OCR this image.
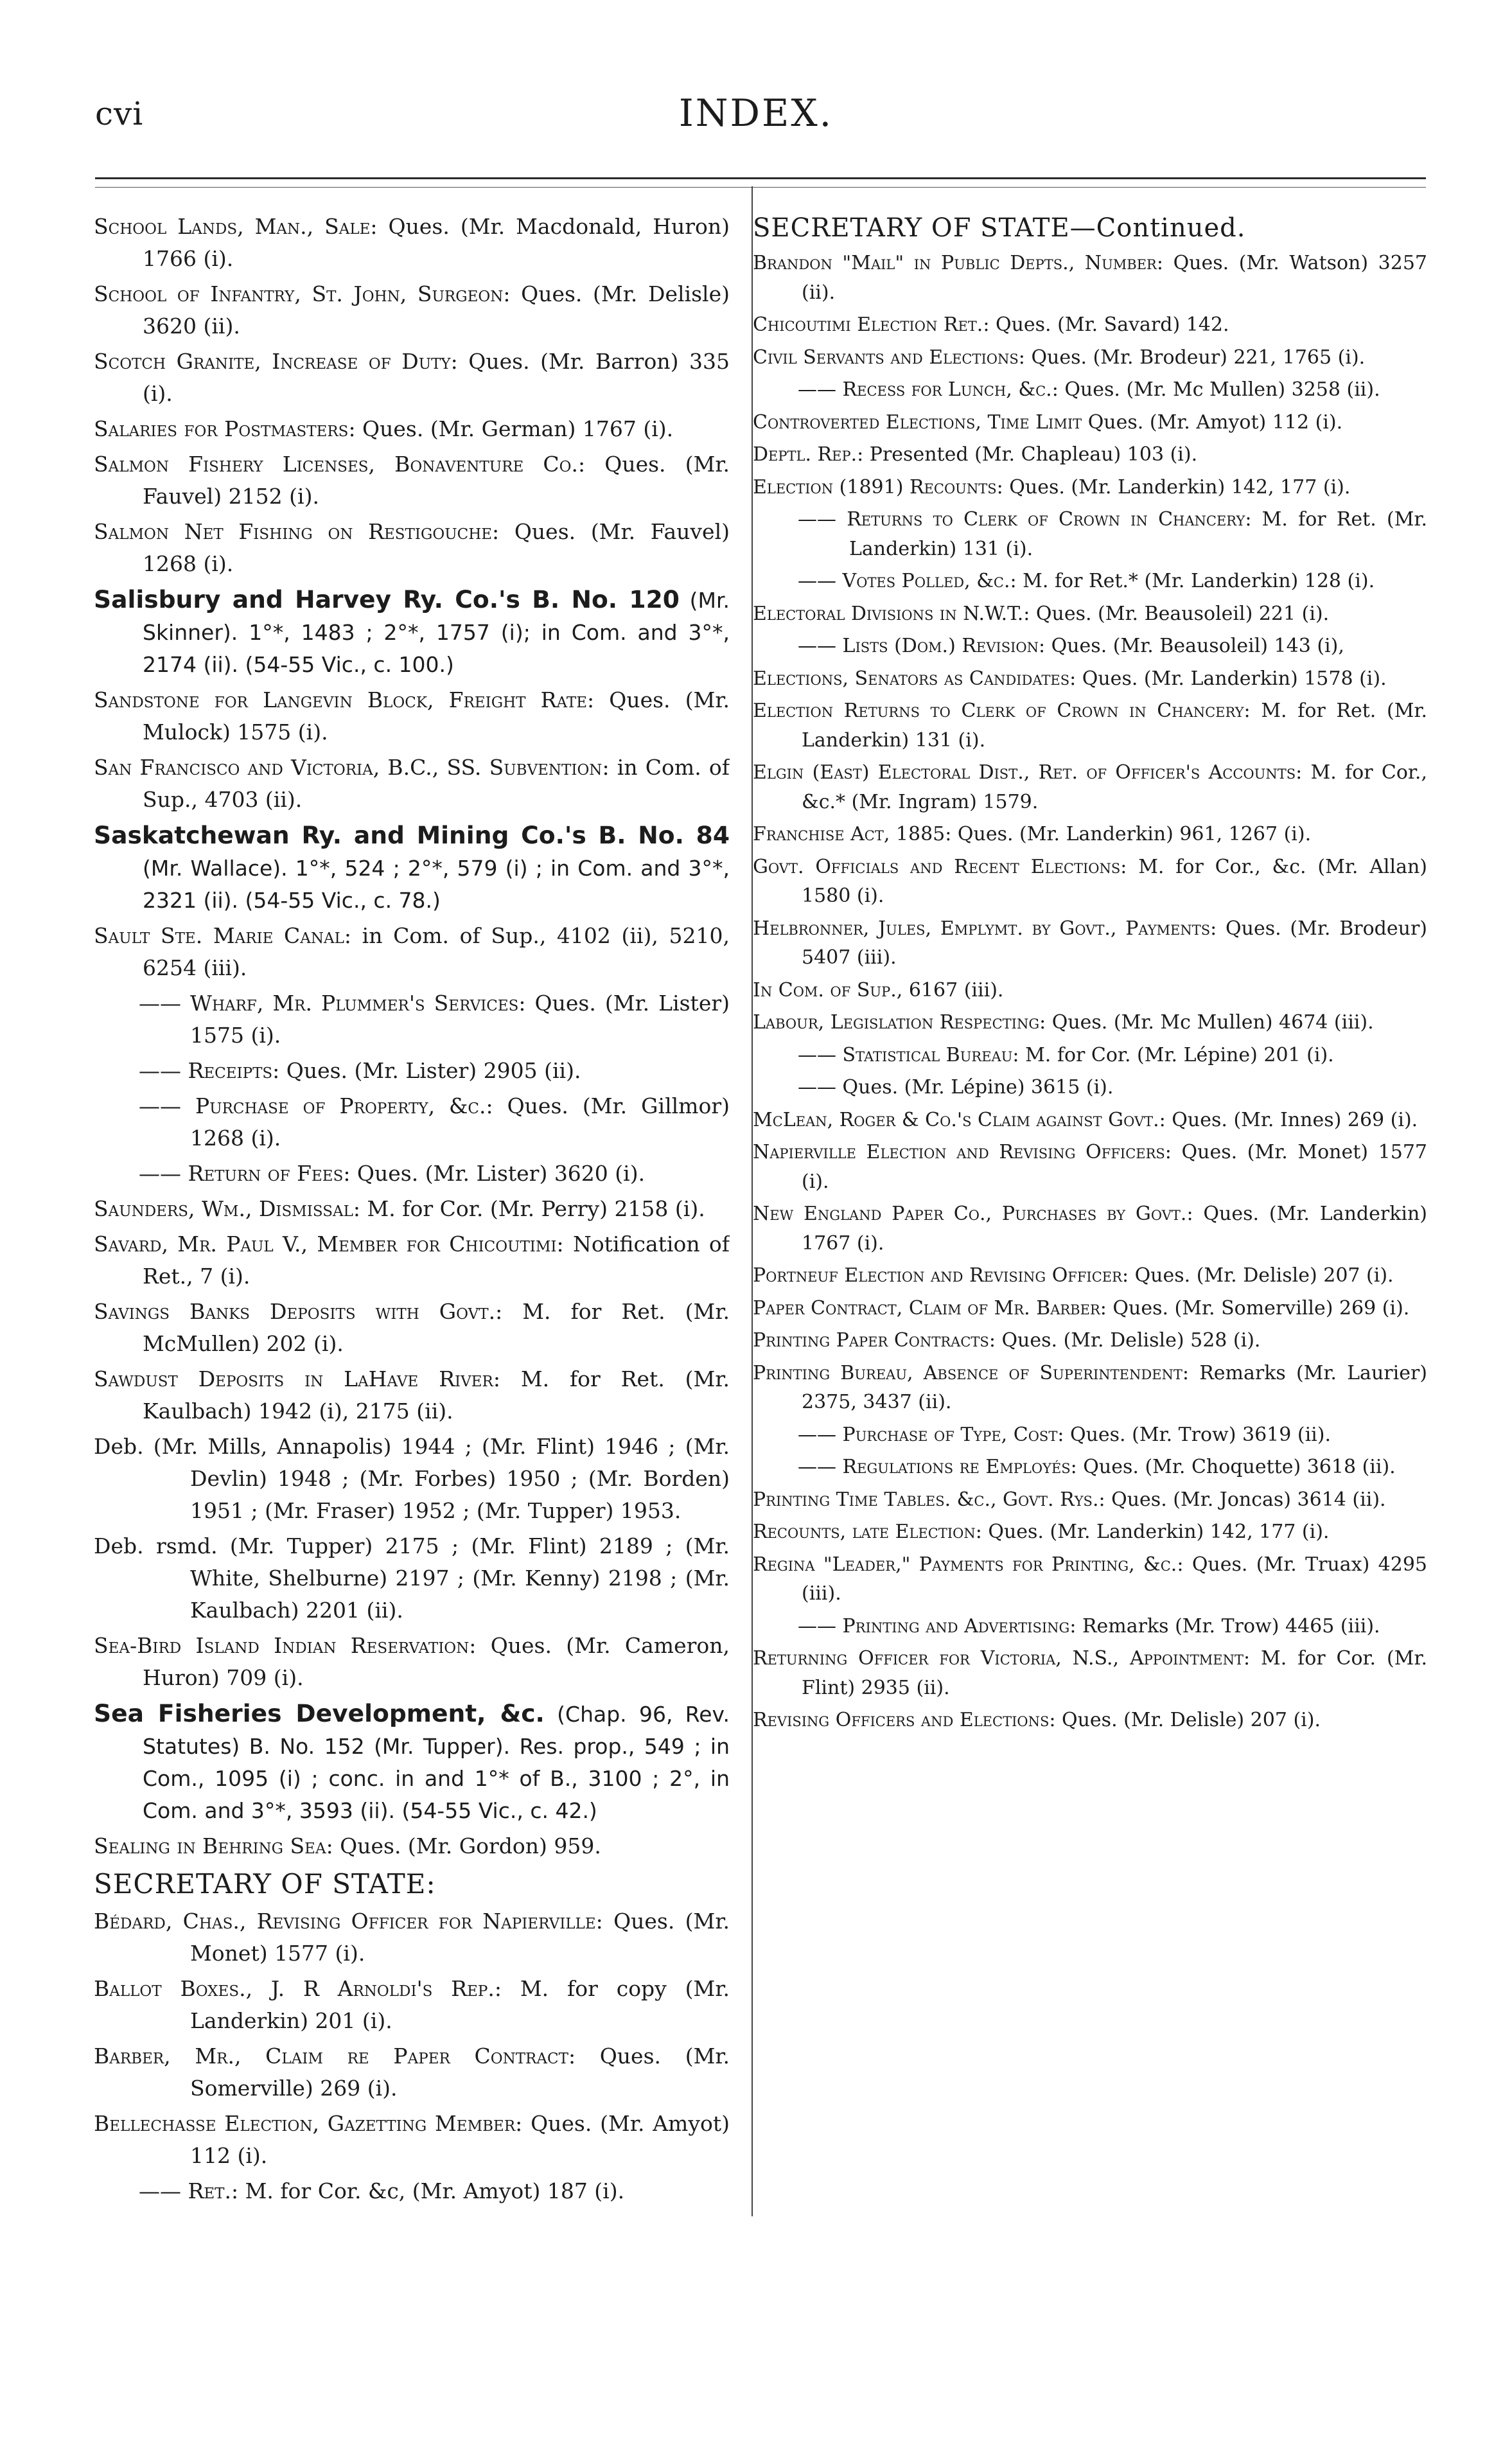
cvi	INDEX.
School Lands, Man., Sale: Ques. (Mr. Macdonald, Huron) 1766 (i).
School of Infantry, St. John, Surgeon: Ques. (Mr. Delisle) 3620 (ii).
Scotch Granite, Increase of Duty: Ques. (Mr. Barron) 335 (i).
Salaries for Postmasters: Ques. (Mr. German) 1767 (i).
Salmon Fishery Licenses, Bonaventure Co.: Ques. (Mr. Fauvel) 2152 (i).
Salmon Net Fishing on Restigouche: Ques. (Mr. Fauvel) 1268 (i).
Salisbury and Harvey Ry. Co.'s B. No. 120 (Mr. Skinner). 1°*, 1483 ; 2°*, 1757 (i); in Com. and 3°*, 2174 (ii). (54-55 Vic., c. 100.)
Sandstone for Langevin Block, Freight Rate: Ques. (Mr. Mulock) 1575 (i).
San Francisco and Victoria, B.C., SS. Subvention: in Com. of Sup., 4703 (ii).
Saskatchewan Ry. and Mining Co.'s B. No. 84 (Mr. Wallace). 1°*, 524 ; 2°*, 579 (i) ; in Com. and 3°*, 2321 (ii). (54-55 Vic., c. 78.)
Sault Ste. Marie Canal: in Com. of Sup., 4102 (ii), 5210, 6254 (iii).
—— Wharf, Mr. Plummer's Services: Ques. (Mr. Lister) 1575 (i).
—— Receipts: Ques. (Mr. Lister) 2905 (ii).
—— Purchase of Property, &c.: Ques. (Mr. Gillmor) 1268 (i).
—— Return of Fees: Ques. (Mr. Lister) 3620 (i).
Saunders, Wm., Dismissal: M. for Cor. (Mr. Perry) 2158 (i).
Savard, Mr. Paul V., Member for Chicoutimi: Notification of Ret., 7 (i).
Savings Banks Deposits with Govt.: M. for Ret. (Mr. McMullen) 202 (i).
Sawdust Deposits in LaHave River: M. for Ret. (Mr. Kaulbach) 1942 (i), 2175 (ii).
Deb. (Mr. Mills, Annapolis) 1944 ; (Mr. Flint) 1946 ; (Mr. Devlin) 1948 ; (Mr. Forbes) 1950 ; (Mr. Borden) 1951 ; (Mr. Fraser) 1952 ; (Mr. Tupper) 1953.
Deb. rsmd. (Mr. Tupper) 2175 ; (Mr. Flint) 2189 ; (Mr. White, Shelburne) 2197 ; (Mr. Kenny) 2198 ; (Mr. Kaulbach) 2201 (ii).
Sea-Bird Island Indian Reservation: Ques. (Mr. Cameron, Huron) 709 (i).
Sea Fisheries Development, &c. (Chap. 96, Rev. Statutes) B. No. 152 (Mr. Tupper). Res. prop., 549 ; in Com., 1095 (i) ; conc. in and 1°* of B., 3100 ; 2°, in Com. and 3°*, 3593 (ii). (54-55 Vic., c. 42.)
Sealing in Behring Sea: Ques. (Mr. Gordon) 959.
SECRETARY OF STATE:
Bédard, Chas., Revising Officer for Napierville: Ques. (Mr. Monet) 1577 (i).
Ballot Boxes., J. R Arnoldi's Rep.: M. for copy (Mr. Landerkin) 201 (i).
Barber, Mr., Claim re Paper Contract: Ques. (Mr. Somerville) 269 (i).
Bellechasse Election, Gazetting Member: Ques. (Mr. Amyot) 112 (i).
—— Ret.: M. for Cor. &c, (Mr. Amyot) 187 (i).
SECRETARY OF STATE—Continued.
Brandon "Mail" in Public Depts., Number: Ques. (Mr. Watson) 3257 (ii).
Chicoutimi Election Ret.: Ques. (Mr. Savard) 142.
Civil Servants and Elections: Ques. (Mr. Brodeur) 221, 1765 (i).
—— Recess for Lunch, &c.: Ques. (Mr. Mc Mullen) 3258 (ii).
Controverted Elections, Time Limit Ques. (Mr. Amyot) 112 (i).
Deptl. Rep.: Presented (Mr. Chapleau) 103 (i).
Election (1891) Recounts: Ques. (Mr. Landerkin) 142, 177 (i).
—— Returns to Clerk of Crown in Chancery: M. for Ret. (Mr. Landerkin) 131 (i).
—— Votes Polled, &c.: M. for Ret.* (Mr. Landerkin) 128 (i).
Electoral Divisions in N.W.T.: Ques. (Mr. Beausoleil) 221 (i).
—— Lists (Dom.) Revision: Ques. (Mr. Beausoleil) 143 (i),
Elections, Senators as Candidates: Ques. (Mr. Landerkin) 1578 (i).
Election Returns to Clerk of Crown in Chancery: M. for Ret. (Mr. Landerkin) 131 (i).
Elgin (East) Electoral Dist., Ret. of Officer's Accounts: M. for Cor., &c.* (Mr. Ingram) 1579.
Franchise Act, 1885: Ques. (Mr. Landerkin) 961, 1267 (i).
Govt. Officials and Recent Elections: M. for Cor., &c. (Mr. Allan) 1580 (i).
Helbronner, Jules, Emplymt. by Govt., Payments: Ques. (Mr. Brodeur) 5407 (iii).
In Com. of Sup., 6167 (iii).
Labour, Legislation Respecting: Ques. (Mr. Mc Mullen) 4674 (iii).
—— Statistical Bureau: M. for Cor. (Mr. Lépine) 201 (i).
—— Ques. (Mr. Lépine) 3615 (i).
McLean, Roger & Co.'s Claim against Govt.: Ques. (Mr. Innes) 269 (i).
Napierville Election and Revising Officers: Ques. (Mr. Monet) 1577 (i).
New England Paper Co., Purchases by Govt.: Ques. (Mr. Landerkin) 1767 (i).
Portneuf Election and Revising Officer: Ques. (Mr. Delisle) 207 (i).
Paper Contract, Claim of Mr. Barber: Ques. (Mr. Somerville) 269 (i).
Printing Paper Contracts: Ques. (Mr. Delisle) 528 (i).
Printing Bureau, Absence of Superintendent: Remarks (Mr. Laurier) 2375, 3437 (ii).
—— Purchase of Type, Cost: Ques. (Mr. Trow) 3619 (ii).
—— Regulations re Employés: Ques. (Mr. Choquette) 3618 (ii).
Printing Time Tables. &c., Govt. Rys.: Ques. (Mr. Joncas) 3614 (ii).
Recounts, late Election: Ques. (Mr. Landerkin) 142, 177 (i).
Regina "Leader," Payments for Printing, &c.: Ques. (Mr. Truax) 4295 (iii).
—— Printing and Advertising: Remarks (Mr. Trow) 4465 (iii).
Returning Officer for Victoria, N.S., Appointment: M. for Cor. (Mr. Flint) 2935 (ii).
Revising Officers and Elections: Ques. (Mr. Delisle) 207 (i).
